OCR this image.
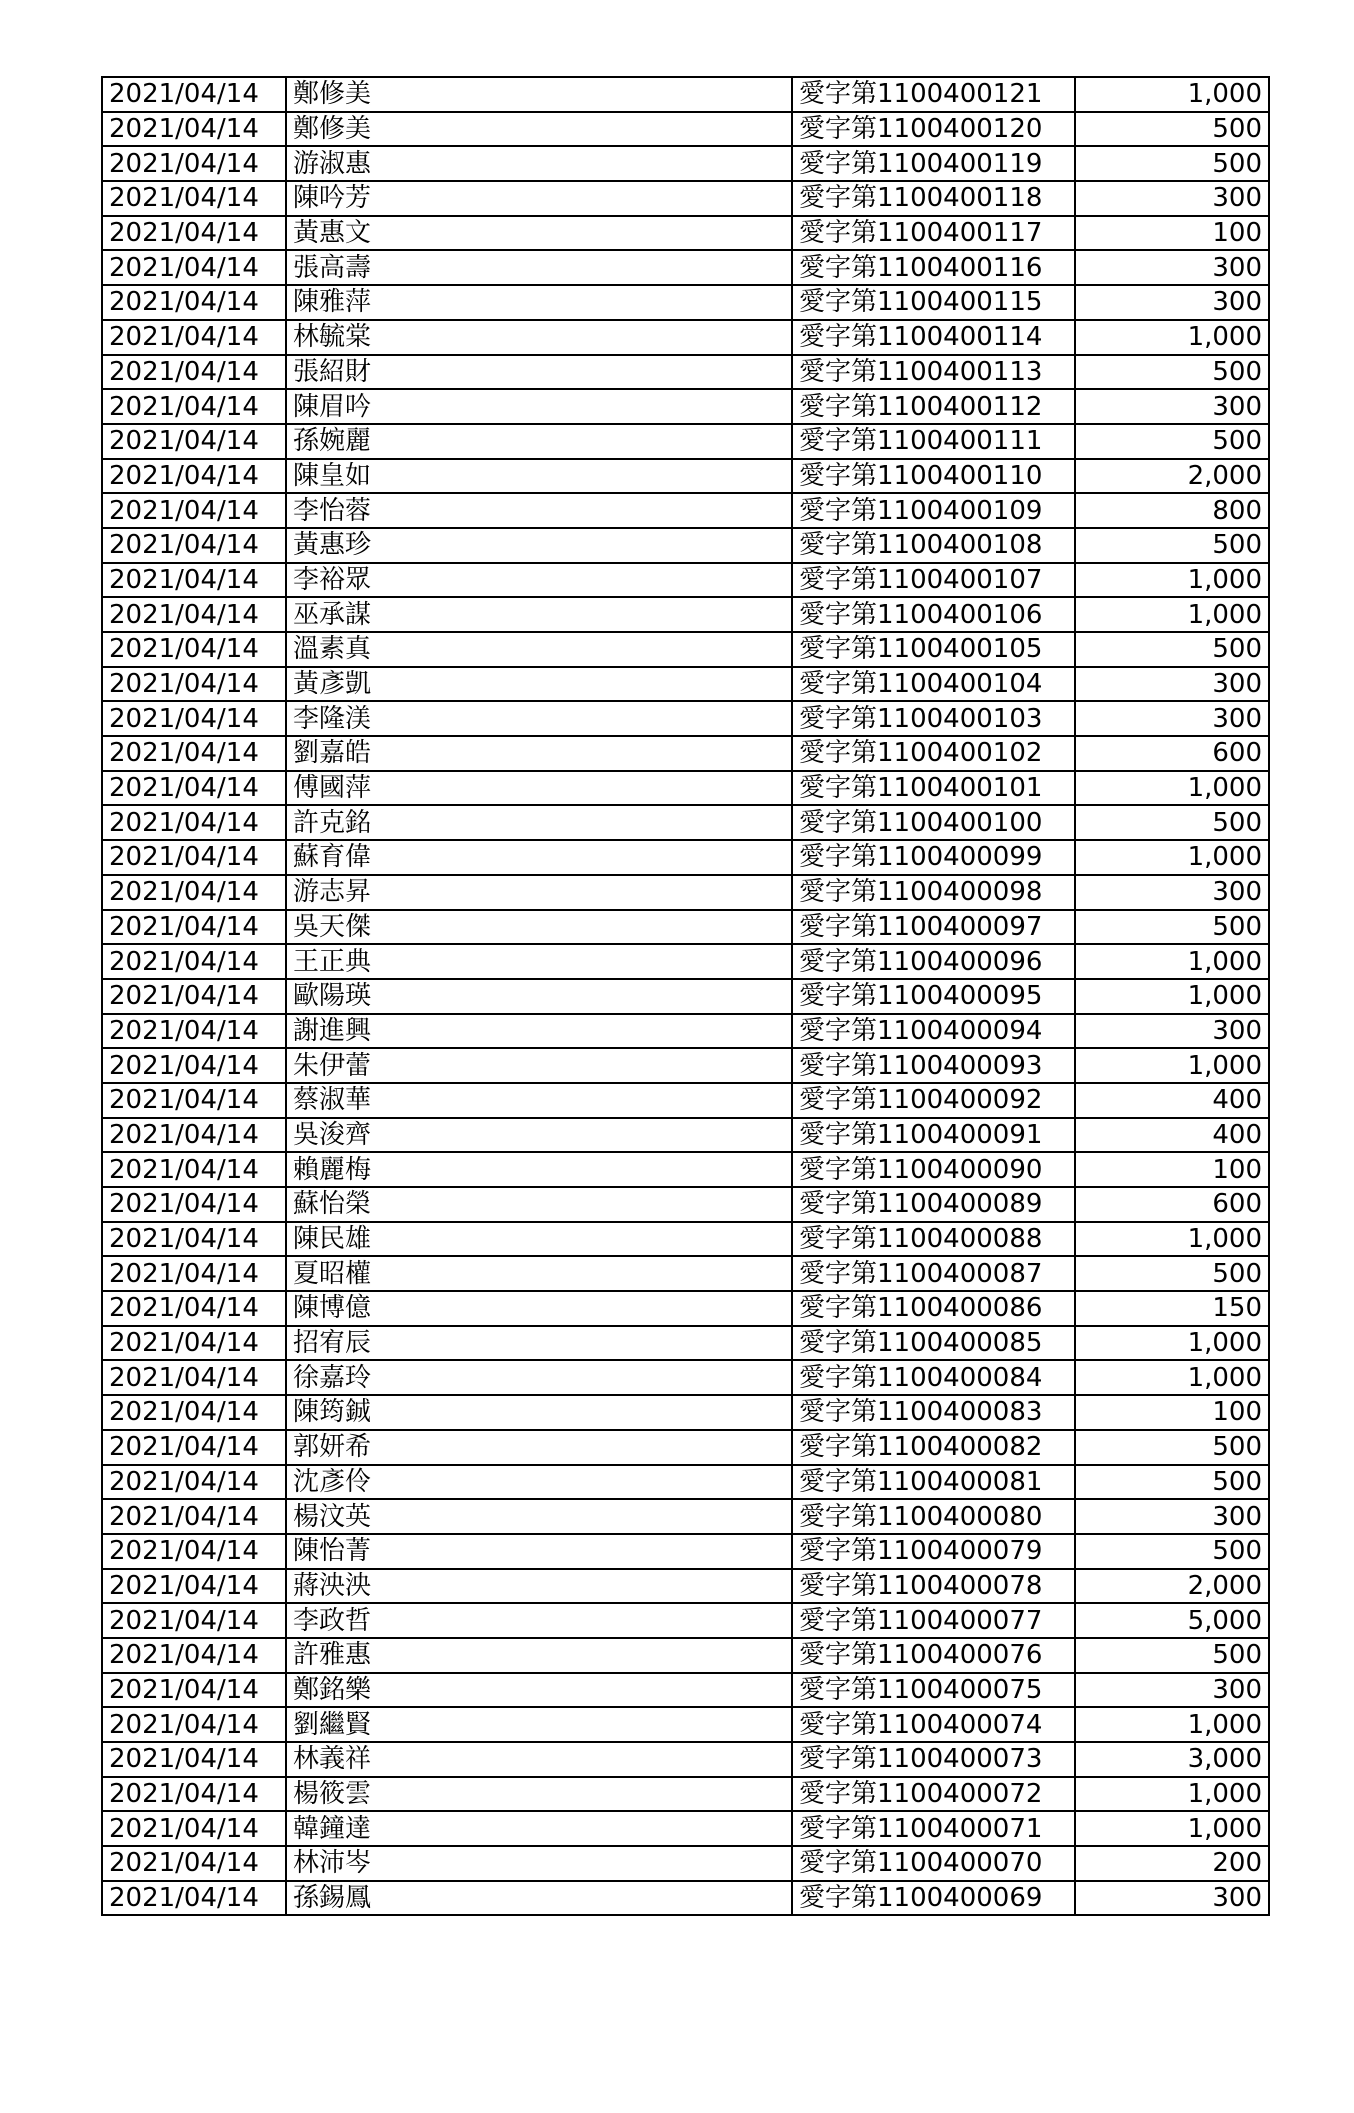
2021/04/14	鄭修美	愛字第1100400121	1,000
2021/04/14	鄭修美	愛字第1100400120	500
2021/04/14	游淑惠	愛字第1100400119	500
2021/04/14	陳吟芳	愛字第1100400118	300
2021/04/14	黃惠文	愛字第1100400117	100
2021/04/14	張高壽	愛字第1100400116	300
2021/04/14	陳雅萍	愛字第1100400115	300
2021/04/14	林毓棠	愛字第1100400114	1,000
2021/04/14	張紹財	愛字第1100400113	500
2021/04/14	陳眉吟	愛字第1100400112	300
2021/04/14	孫婉麗	愛字第1100400111	500
2021/04/14	陳皇如	愛字第1100400110	2,000
2021/04/14	李怡蓉	愛字第1100400109	800
2021/04/14	黃惠珍	愛字第1100400108	500
2021/04/14	李裕眾	愛字第1100400107	1,000
2021/04/14	巫承謀	愛字第1100400106	1,000
2021/04/14	溫素真	愛字第1100400105	500
2021/04/14	黃彥凱	愛字第1100400104	300
2021/04/14	李隆渼	愛字第1100400103	300
2021/04/14	劉嘉皓	愛字第1100400102	600
2021/04/14	傅國萍	愛字第1100400101	1,000
2021/04/14	許克銘	愛字第1100400100	500
2021/04/14	蘇育偉	愛字第1100400099	1,000
2021/04/14	游志昇	愛字第1100400098	300
2021/04/14	吳天傑	愛字第1100400097	500
2021/04/14	王正典	愛字第1100400096	1,000
2021/04/14	歐陽瑛	愛字第1100400095	1,000
2021/04/14	謝進興	愛字第1100400094	300
2021/04/14	朱伊蕾	愛字第1100400093	1,000
2021/04/14	蔡淑華	愛字第1100400092	400
2021/04/14	吳浚齊	愛字第1100400091	400
2021/04/14	賴麗梅	愛字第1100400090	100
2021/04/14	蘇怡榮	愛字第1100400089	600
2021/04/14	陳民雄	愛字第1100400088	1,000
2021/04/14	夏昭權	愛字第1100400087	500
2021/04/14	陳博億	愛字第1100400086	150
2021/04/14	招宥辰	愛字第1100400085	1,000
2021/04/14	徐嘉玲	愛字第1100400084	1,000
2021/04/14	陳筠鋮	愛字第1100400083	100
2021/04/14	郭妍希	愛字第1100400082	500
2021/04/14	沈彥伶	愛字第1100400081	500
2021/04/14	楊汶英	愛字第1100400080	300
2021/04/14	陳怡菁	愛字第1100400079	500
2021/04/14	蔣泱泱	愛字第1100400078	2,000
2021/04/14	李政哲	愛字第1100400077	5,000
2021/04/14	許雅惠	愛字第1100400076	500
2021/04/14	鄭銘樂	愛字第1100400075	300
2021/04/14	劉繼賢	愛字第1100400074	1,000
2021/04/14	林義祥	愛字第1100400073	3,000
2021/04/14	楊筱雲	愛字第1100400072	1,000
2021/04/14	韓鐘達	愛字第1100400071	1,000
2021/04/14	林沛岑	愛字第1100400070	200
2021/04/14	孫錫鳳	愛字第1100400069	300
